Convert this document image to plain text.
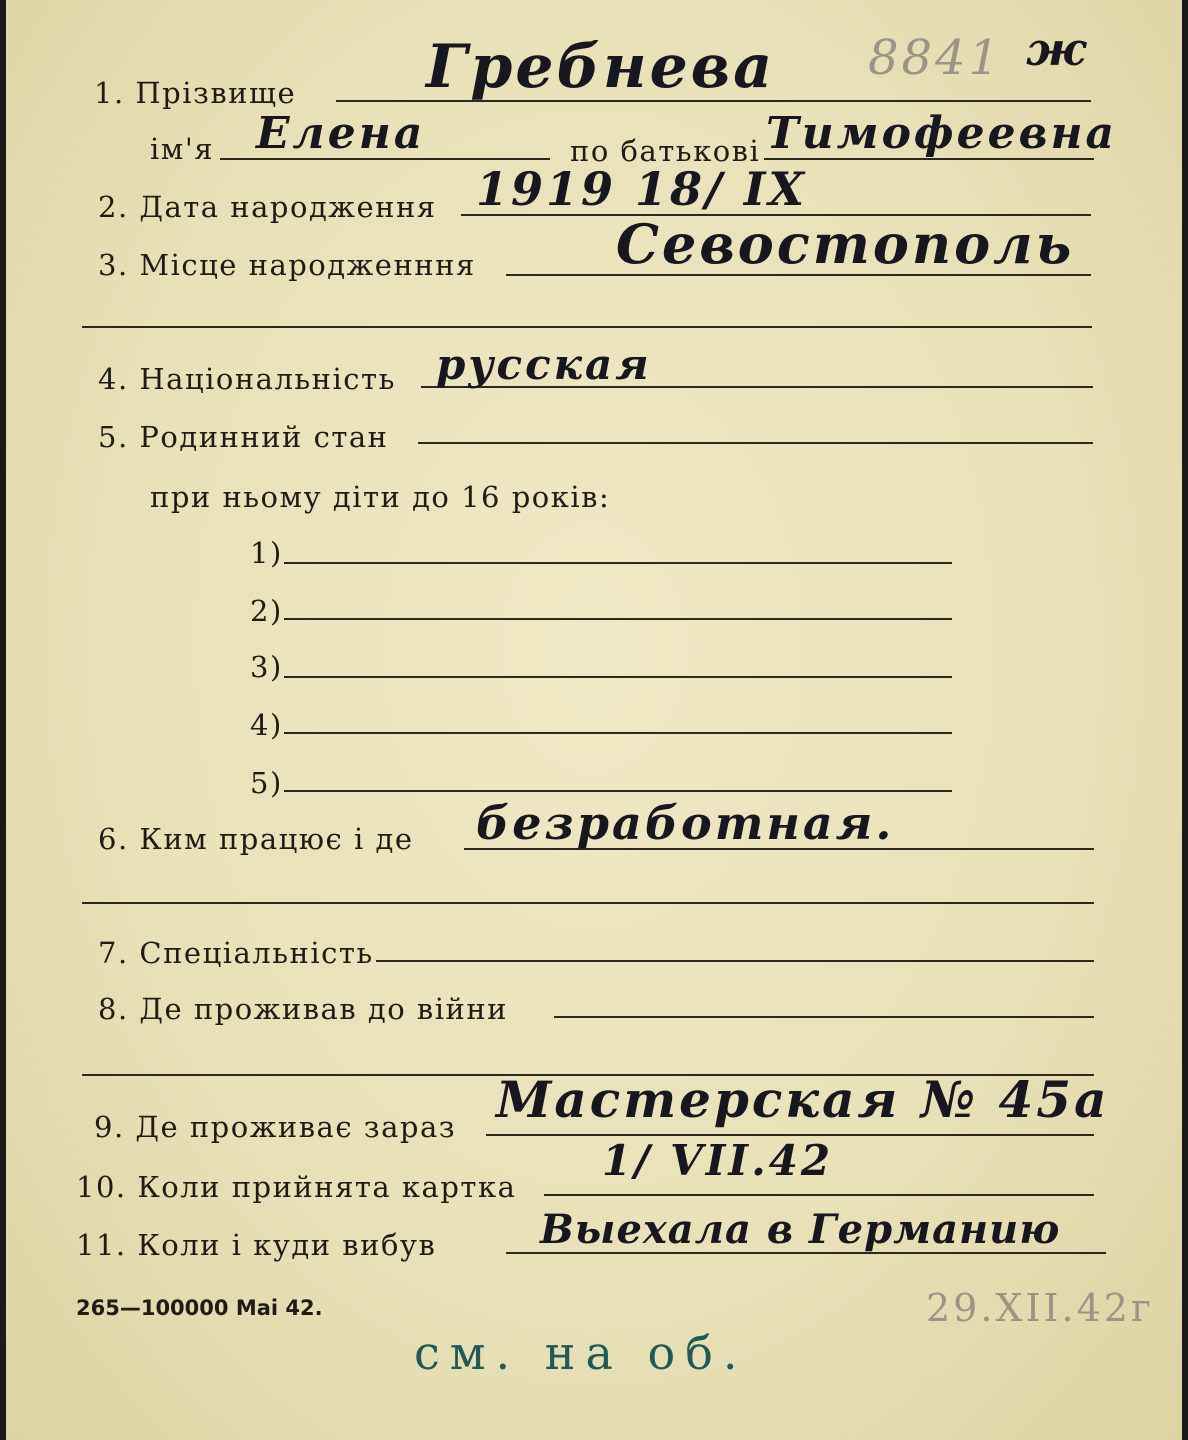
1. Прізвище Гребнева 8841 ж
ім'я Елена	по батькові Тимофеевна
2. Дата народження 1919 18/ IX
3. Місце народженння	Севостополь
4. Національність русская
5. Родинний стан
при ньому діти до 16 років:
1)
2)
3)
4)
5)
6. Ким працює і де безработная.
7. Спеціальність
8. Де проживав до війни
9. Де проживає зараз Мастерская № 45а
10. Коли прийнята картка
1/ VII.42
11. Коли і куди вибув	Выехала в Германию
265—100000 Mai 42.	29.XII.42г
см. на об.
